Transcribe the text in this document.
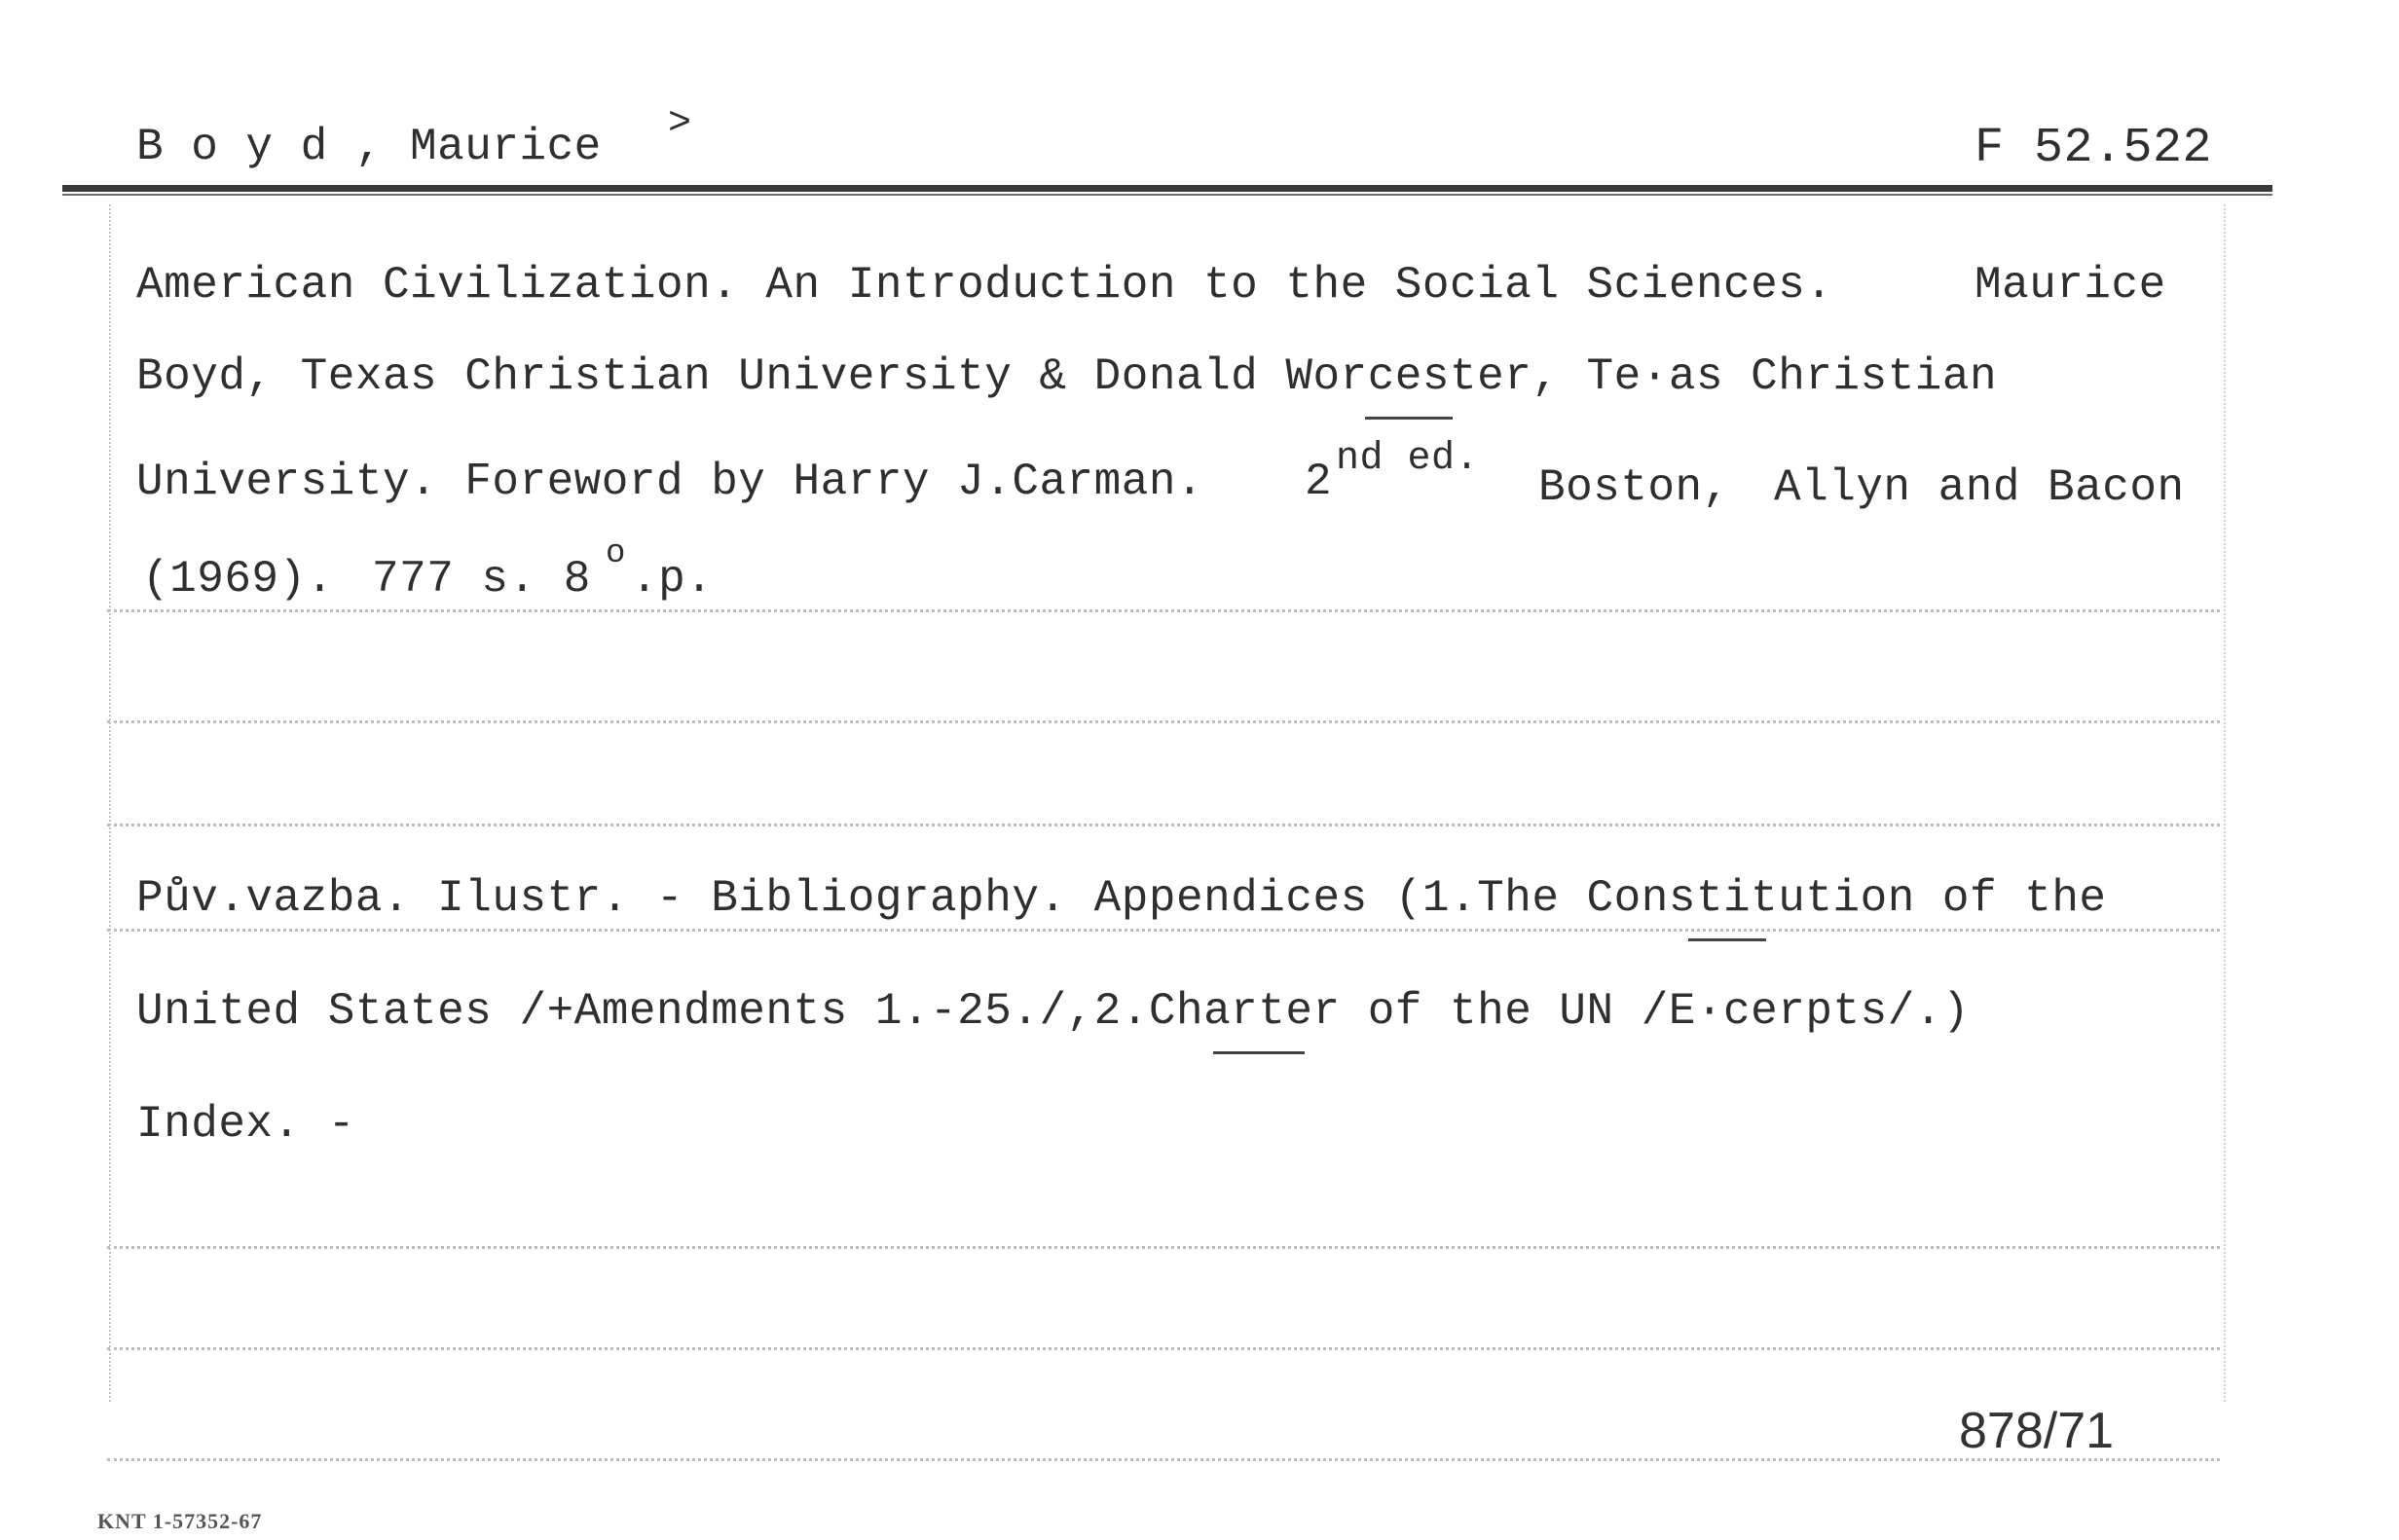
B o y d , Maurice >	F 52.522
American Civilization. An Introduction to the Social Sciences.	Maurice
Boyd, Texas Christian University & Donald Worcester, Te·as Christian
University. Foreword by Harry J.Carman. 2 nd ed.
Boston, Allyn and Bacon
(1969). 777 s. 8 o .p.
Pův.vazba. Ilustr. - Bibliography. Appendices (1.The Constitution of the
United States /+Amendments 1.-25./,2.Charter of the UN /E·cerpts/.)
Index. -
878/71
KNT 1-57352-67
